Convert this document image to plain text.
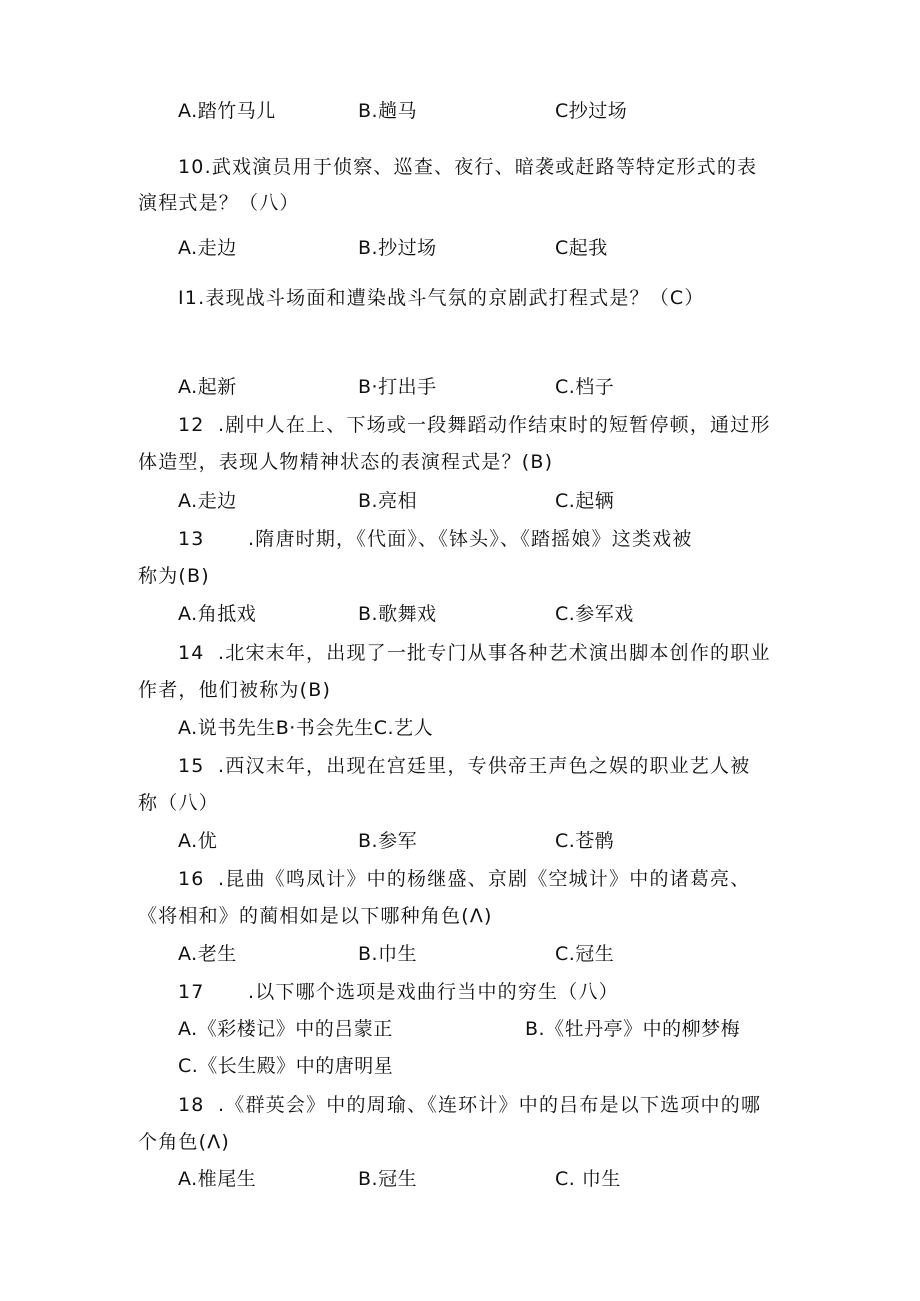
A.踏竹马儿	B.趟马	C抄过场
10.武戏演员用于侦察、巡查、夜行、暗袭或赶路等特定形式的表
演程式是？（八）
A.走边	B.抄过场	C起我
I1.表现战斗场面和遭染战斗气氛的京剧武打程式是？（C）
A.起新	B·打出手	C.档子
12 .剧中人在上、下场或一段舞蹈动作结束时的短暂停顿，通过形
体造型，表现人物精神状态的表演程式是？(B)
A.走边	B.亮相	C.起辆
13 .隋唐时期，《代面》、《钵头》、《踏摇娘》这类戏被
称为(B)
A.角抵戏	B.歌舞戏	C.参军戏
14 .北宋末年，出现了一批专门从事各种艺术演出脚本创作的职业
作者，他们被称为(B)
A.说书先生B·书会先生C.艺人
15 .西汉末年，出现在宫廷里，专供帝王声色之娱的职业艺人被
称（八）
A.优	B.参军	C.苍鹘
16 .昆曲《鸣凤计》中的杨继盛、京剧《空城计》中的诸葛亮、
《将相和》的蔺相如是以下哪种角色(Λ)
A.老生	B.巾生	C.冠生
17 .以下哪个选项是戏曲行当中的穷生（八）
A.《彩楼记》中的吕蒙正	B.《牡丹亭》中的柳梦梅
C.《长生殿》中的唐明星
18 .《群英会》中的周瑜、《连环计》中的吕布是以下选项中的哪
个角色(Λ)
A.椎尾生	B.冠生	C. 巾生
